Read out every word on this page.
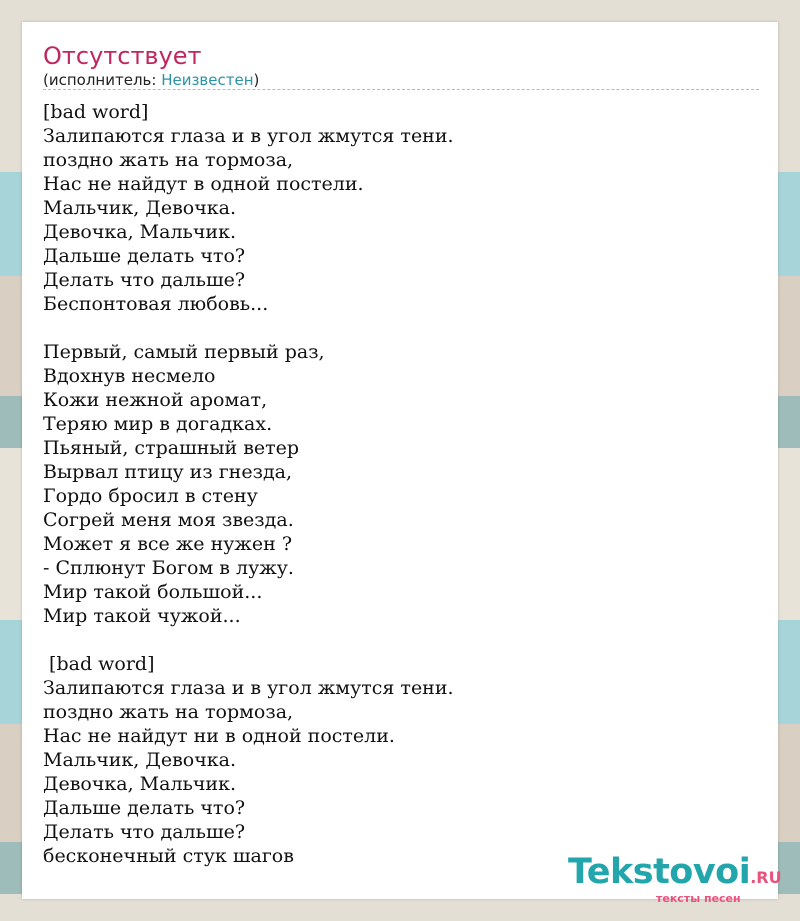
Отсутствует
(исполнитель: Неизвестен)
[bad word]
Залипаются глаза и в угол жмутся тени.
поздно жать на тормоза,
Нас не найдут в одной постели.
Мальчик, Девочка.
Девочка, Мальчик.
Дальше делать что?
Делать что дальше?
Беспонтовая любовь...
Первый, самый первый раз,
Вдохнув несмело
Кожи нежной аромат,
Теряю мир в догадках.
Пьяный, страшный ветер
Вырвал птицу из гнезда,
Гордо бросил в стену
Согрей меня моя звезда.
Может я все же нужен ?
- Сплюнут Богом в лужу.
Мир такой большой...
Мир такой чужой...
[bad word]
Залипаются глаза и в угол жмутся тени.
поздно жать на тормоза,
Нас не найдут ни в одной постели.
Мальчик, Девочка.
Девочка, Мальчик.
Дальше делать что?
Делать что дальше?
бесконечный стук шагов	Tekstovoi.RU
тексты песен
